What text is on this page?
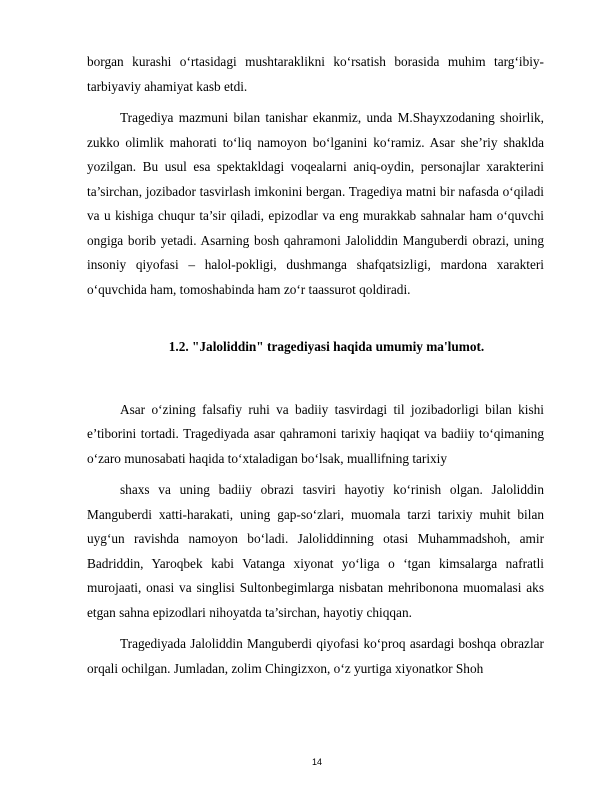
borgan kurashi o‘rtasidagi mushtaraklikni ko‘rsatish borasida muhim targ‘ibiy-tarbiyaviy ahamiyat kasb etdi.

Tragediya mazmuni bilan tanishar ekanmiz, unda M.Shayxzodaning shoirlik, zukko olimlik mahorati to‘liq namoyon bo‘lganini ko‘ramiz. Asar she’riy shaklda yozilgan. Bu usul esa spektakldagi voqealarni aniq-oydin, personajlar xarakterini ta’sirchan, jozibador tasvirlash imkonini bergan. Tragediya matni bir nafasda o‘qiladi va u kishiga chuqur ta’sir qiladi, epizodlar va eng murakkab sahnalar ham o‘quvchi ongiga borib yetadi. Asarning bosh qahramoni Jaloliddin Manguberdi obrazi, uning insoniy qiyofasi – halol-pokligi, dushmanga shafqatsizligi, mardona xarakteri o‘quvchida ham, tomoshabinda ham zo‘r taassurot qoldiradi.

1.2. "Jaloliddin" tragediyasi haqida umumiy ma'lumot.

Asar o‘zining falsafiy ruhi va badiiy tasvirdagi til jozibadorligi bilan kishi e’tiborini tortadi. Tragediyada asar qahramoni tarixiy haqiqat va badiiy to‘qimaning o‘zaro munosabati haqida to‘xtaladigan bo‘lsak, muallifning tarixiy

shaxs va uning badiiy obrazi tasviri hayotiy ko‘rinish olgan. Jaloliddin Manguberdi xatti-harakati, uning gap-so‘zlari, muomala tarzi tarixiy muhit bilan uyg‘un ravishda namoyon bo‘ladi. Jaloliddinning otasi Muhammadshoh, amir Badriddin, Yaroqbek kabi Vatanga xiyonat yo‘liga o ‘tgan kimsalarga nafratli murojaati, onasi va singlisi Sultonbegimlarga nisbatan mehribonona muomalasi aks etgan sahna epizodlari nihoyatda ta’sirchan, hayotiy chiqqan.

Tragediyada Jaloliddin Manguberdi qiyofasi ko‘proq asardagi boshqa obrazlar orqali ochilgan. Jumladan, zolim Chingizxon, o‘z yurtiga xiyonatkor Shoh

14
